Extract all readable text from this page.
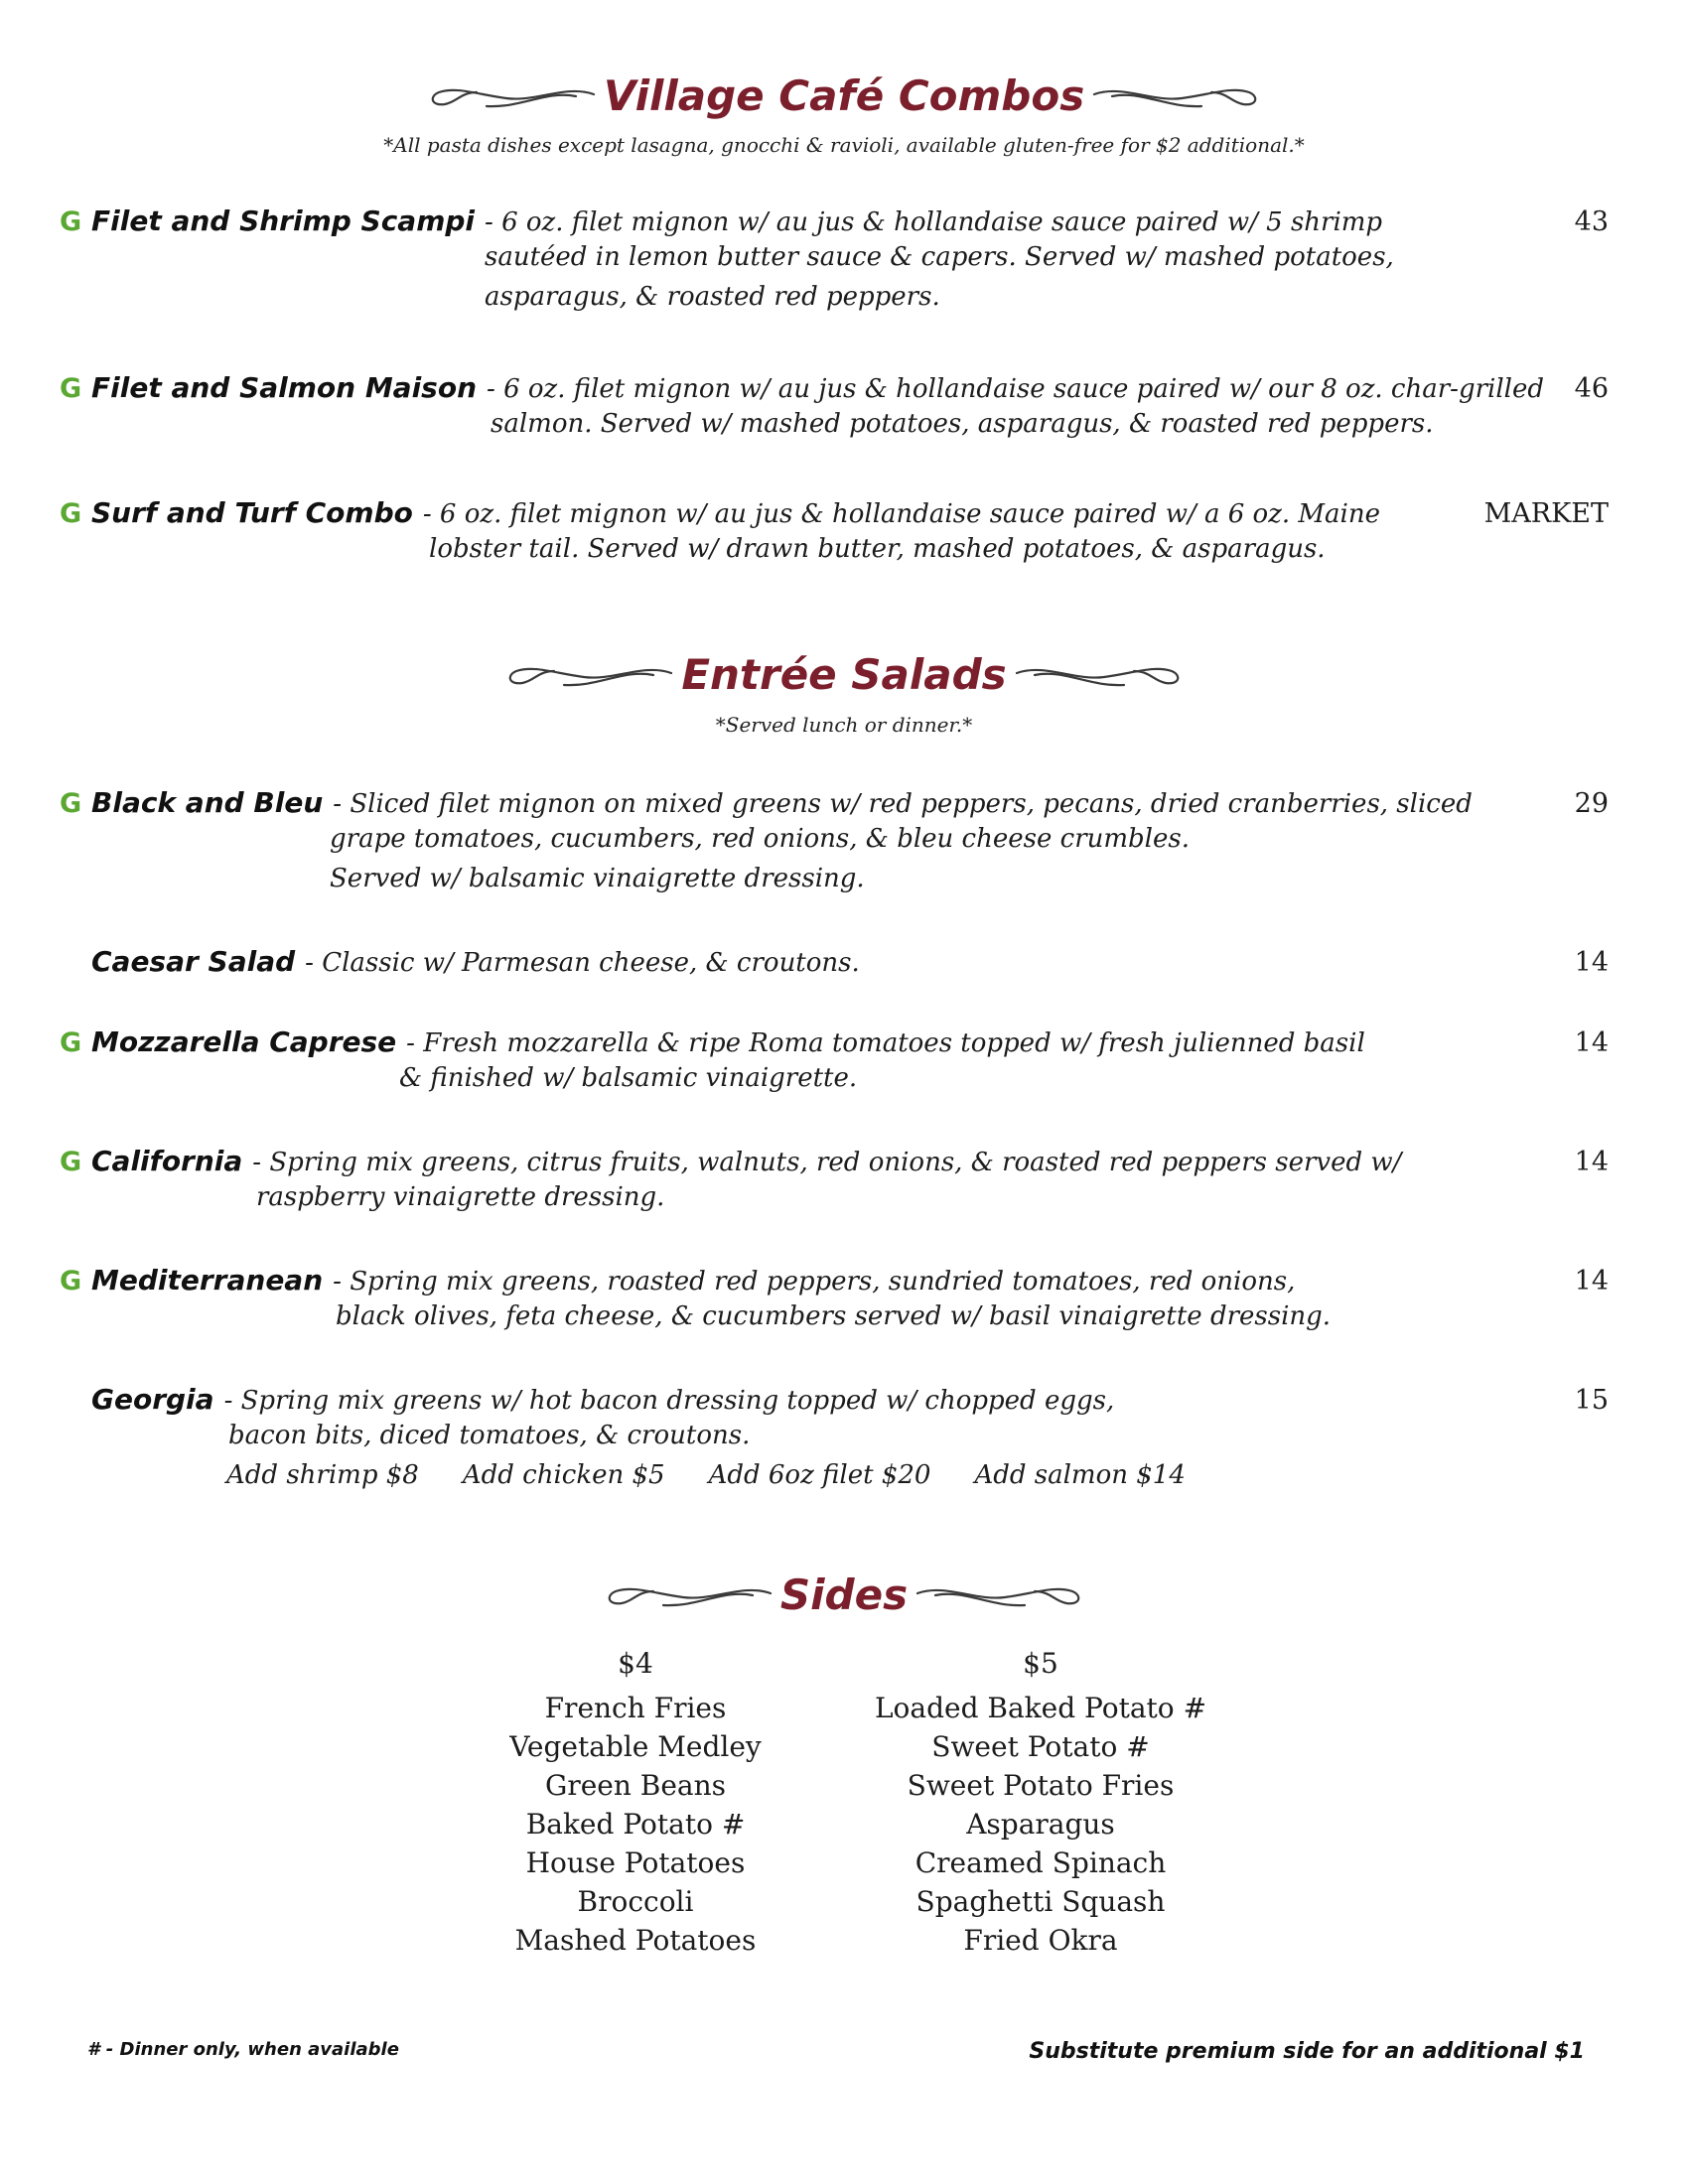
Village Café Combos
*All pasta dishes except lasagna, gnocchi & ravioli, available gluten-free for $2 additional.*
G Filet and Shrimp Scampi - 6 oz. filet mignon w/ au jus & hollandaise sauce paired w/ 5 shrimp
sautéed in lemon butter sauce & capers. Served w/ mashed potatoes,
asparagus, & roasted red peppers.
43
G Filet and Salmon Maison - 6 oz. filet mignon w/ au jus & hollandaise sauce paired w/ our 8 oz. char-grilled
salmon. Served w/ mashed potatoes, asparagus, & roasted red peppers.
46
G Surf and Turf Combo - 6 oz. filet mignon w/ au jus & hollandaise sauce paired w/ a 6 oz. Maine
lobster tail. Served w/ drawn butter, mashed potatoes, & asparagus.
MARKET
Entrée Salads
*Served lunch or dinner.*
G Black and Bleu - Sliced filet mignon on mixed greens w/ red peppers, pecans, dried cranberries, sliced
grape tomatoes, cucumbers, red onions, & bleu cheese crumbles.
Served w/ balsamic vinaigrette dressing.
29
Caesar Salad - Classic w/ Parmesan cheese, & croutons.	14
G Mozzarella Caprese - Fresh mozzarella & ripe Roma tomatoes topped w/ fresh julienned basil
& finished w/ balsamic vinaigrette.
14
G California - Spring mix greens, citrus fruits, walnuts, red onions, & roasted red peppers served w/
raspberry vinaigrette dressing.
14
G Mediterranean - Spring mix greens, roasted red peppers, sundried tomatoes, red onions,
black olives, feta cheese, & cucumbers served w/ basil vinaigrette dressing.
14
Georgia - Spring mix greens w/ hot bacon dressing topped w/ chopped eggs,
bacon bits, diced tomatoes, & croutons.
Add shrimp $8 Add chicken $5 Add 6oz filet $20 Add salmon $14
15
Sides
$4
French Fries
Vegetable Medley
Green Beans
Baked Potato #
House Potatoes
Broccoli
Mashed Potatoes
$5
Loaded Baked Potato #
Sweet Potato #
Sweet Potato Fries
Asparagus
Creamed Spinach
Spaghetti Squash
Fried Okra
# - Dinner only, when available	Substitute premium side for an additional $1
